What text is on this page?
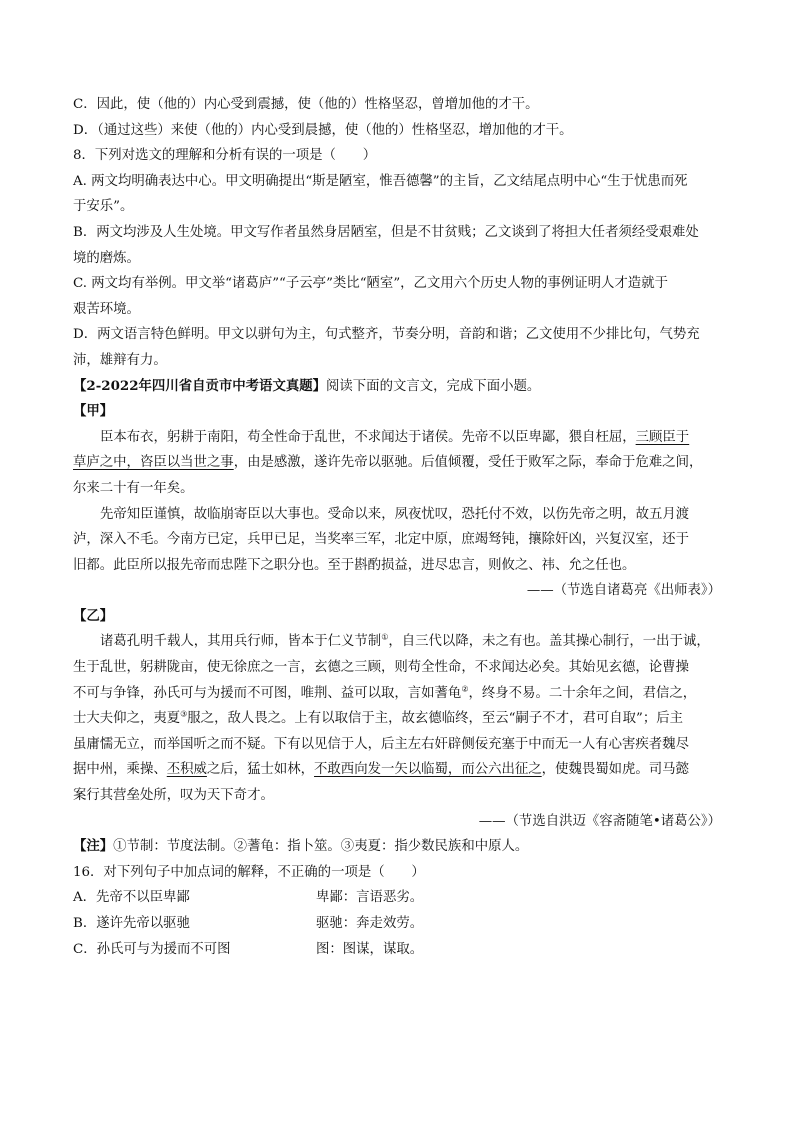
C．因此，使（他的）内心受到震撼，使（他的）性格坚忍，曾增加他的才干。

D．（通过这些）来使（他的）内心受到晨撼，使（他的）性格坚忍，增加他的才干。

8．下列对选文的理解和分析有误的一项是（　　）

A. 两文均明确表达中心。甲文明确提出“斯是陋室，惟吾德馨”的主旨，乙文结尾点明中心“生于忧患而死

于安乐”。

B．两文均涉及人生处境。甲文写作者虽然身居陋室，但是不甘贫贱；乙文谈到了将担大任者须经受艰难处

境的磨炼。

C. 两文均有举例。甲文举“诸葛庐”“子云亭”类比“陋室”，乙文用六个历史人物的事例证明人才造就于

艰苦环境。

D．两文语言特色鲜明。甲文以骈句为主，句式整齐，节奏分明，音韵和谐；乙文使用不少排比句，气势充

沛，雄辩有力。

【2-2022年四川省自贡市中考语文真题】阅读下面的文言文，完成下面小题。

【甲】

臣本布衣，躬耕于南阳，苟全性命于乱世，不求闻达于诸侯。先帝不以臣卑鄙，猥自枉屈，三顾臣于

草庐之中，咨臣以当世之事，由是感激，遂许先帝以驱驰。后值倾覆，受任于败军之际，奉命于危难之间，

尔来二十有一年矣。

先帝知臣谨慎，故临崩寄臣以大事也。受命以来，夙夜忧叹，恐托付不效，以伤先帝之明，故五月渡

泸，深入不毛。今南方已定，兵甲已足，当奖率三军，北定中原，庶竭驽钝，攘除奸凶，兴复汉室，还于

旧都。此臣所以报先帝而忠陛下之职分也。至于斟酌损益，进尽忠言，则攸之、祎、允之任也。

——（节选自诸葛亮《出师表》）

【乙】

诸葛孔明千载人，其用兵行师，皆本于仁义节制①，自三代以降，未之有也。盖其操心制行，一出于诚，

生于乱世，躬耕陇亩，使无徐庶之一言，玄德之三顾，则苟全性命，不求闻达必矣。其始见玄德，论曹操

不可与争锋，孙氏可与为援而不可图，唯荆、益可以取，言如蓍龟②，终身不易。二十余年之间，君信之，

士大夫仰之，夷夏③服之，敌人畏之。上有以取信于主，故玄德临终，至云“嗣子不才，君可自取”；后主

虽庸懦无立，而举国听之而不疑。下有以见信于人，后主左右奸辟侧佞充塞于中而无一人有心害疾者魏尽

据中州，乘操、丕积威之后，猛士如林，不敢西向发一矢以临蜀，而公六出征之，使魏畏蜀如虎。司马懿

案行其营垒处所，叹为天下奇才。

——（节选自洪迈《容斋随笔•诸葛公》）

【注】①节制：节度法制。②蓍龟：指卜筮。③夷夏：指少数民族和中原人。

16．对下列句子中加点词的解释，不正确的一项是（　　）

A．先帝不以臣卑鄙	卑鄙：言语恶劣。

B．遂许先帝以驱驰	驱驰：奔走效劳。

C．孙氏可与为援而不可图	图：图谋，谋取。
